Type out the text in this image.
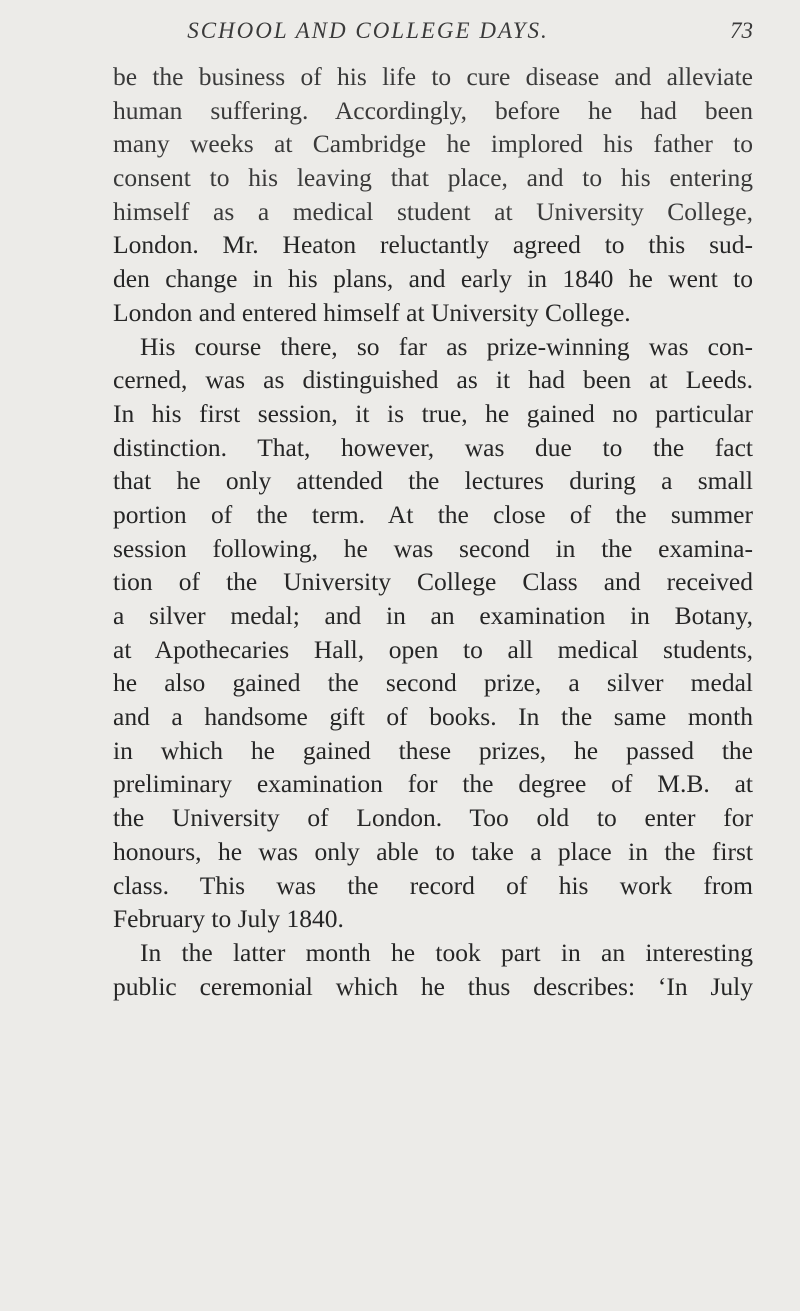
SCHOOL AND COLLEGE DAYS.	73
be the business of his life to cure disease and alleviate
human suffering. Accordingly, before he had been
many weeks at Cambridge he implored his father to
consent to his leaving that place, and to his entering
himself as a medical student at University College,
London. Mr. Heaton reluctantly agreed to this sud-
den change in his plans, and early in 1840 he went to
London and entered himself at University College.
His course there, so far as prize-winning was con-
cerned, was as distinguished as it had been at Leeds.
In his first session, it is true, he gained no particular
distinction. That, however, was due to the fact
that he only attended the lectures during a small
portion of the term. At the close of the summer
session following, he was second in the examina-
tion of the University College Class and received
a silver medal; and in an examination in Botany,
at Apothecaries Hall, open to all medical students,
he also gained the second prize, a silver medal
and a handsome gift of books. In the same month
in which he gained these prizes, he passed the
preliminary examination for the degree of M.B. at
the University of London. Too old to enter for
honours, he was only able to take a place in the first
class. This was the record of his work from
February to July 1840.
In the latter month he took part in an interesting
public ceremonial which he thus describes: ‘In July
